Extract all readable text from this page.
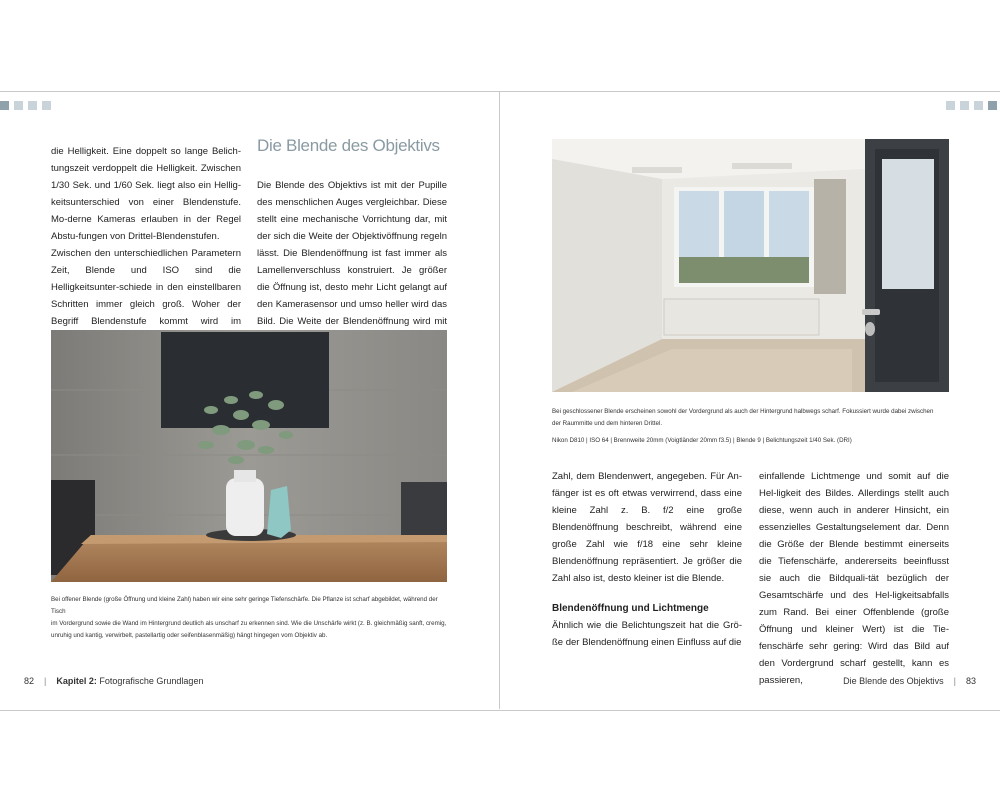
die Helligkeit. Eine doppelt so lange Belich-tungszeit verdoppelt die Helligkeit. Zwischen 1/30 Sek. und 1/60 Sek. liegt also ein Hellig-keitsunterschied von einer Blendenstufe. Mo-derne Kameras erlauben in der Regel Abstu-fungen von Drittel-Blendenstufen.

Zwischen den unterschiedlichen Parametern Zeit, Blende und ISO sind die Helligkeitsunter-schiede in den einstellbaren Schritten immer gleich groß. Woher der Begriff Blendenstufe kommt wird im

Die Blende des Objektivs

Die Blende des Objektivs ist mit der Pupille des menschlichen Auges vergleichbar. Diese stellt eine mechanische Vorrichtung dar, mit der sich die Weite der Objektivöffnung regeln lässt. Die Blendenöffnung ist fast immer als Lamellenverschluss konstruiert. Je größer die Öffnung ist, desto mehr Licht gelangt auf den Kamerasensor und umso heller wird das Bild. Die Weite der Blendenöffnung wird mit

Bei offener Blende (große Öffnung und kleine Zahl) haben wir eine sehr geringe Tiefenschärfe. Die Pflanze ist scharf abgebildet, während der Tisch

im Vordergrund sowie die Wand im Hintergrund deutlich als unscharf zu erkennen sind. Wie die Unschärfe wirkt (z. B. gleichmäßig sanft, cremig,

unruhig und kantig, verwirbelt, pastellartig oder seifenblasenmäßig) hängt hingegen vom Objektiv ab.

82 | Kapitel 2: Fotografische Grundlagen

Bei geschlossener Blende erscheinen sowohl der Vordergrund als auch der Hintergrund halbwegs scharf. Fokussiert wurde dabei zwischen

der Raummitte und dem hinteren Drittel.

Nikon D810 | ISO 64 | Brennweite 20mm (Voigtländer 20mm f3.5) | Blende 9 | Belichtungszeit 1/40 Sek. (DRI)

Zahl, dem Blendenwert, angegeben. Für An-fänger ist es oft etwas verwirrend, dass eine kleine Zahl z. B. f/2 eine große Blendenöffnung beschreibt, während eine große Zahl wie f/18 eine sehr kleine Blendenöffnung repräsentiert. Je größer die Zahl also ist, desto kleiner ist die Blende.

Blendenöffnung und Lichtmenge

Ähnlich wie die Belichtungszeit hat die Grö-ße der Blendenöffnung einen Einfluss auf die

einfallende Lichtmenge und somit auf die Hel-ligkeit des Bildes. Allerdings stellt auch diese, wenn auch in anderer Hinsicht, ein essenzielles Gestaltungselement dar. Denn die Größe der Blende bestimmt einerseits die Tiefenschärfe, andererseits beeinflusst sie auch die Bildquali-tät bezüglich der Gesamtschärfe und des Hel-ligkeitsabfalls zum Rand. Bei einer Offenblende (große Öffnung und kleiner Wert) ist die Tie-fenschärfe sehr gering: Wird das Bild auf den Vordergrund scharf gestellt, kann es passieren,	Die Blende des Objektivs | 83
